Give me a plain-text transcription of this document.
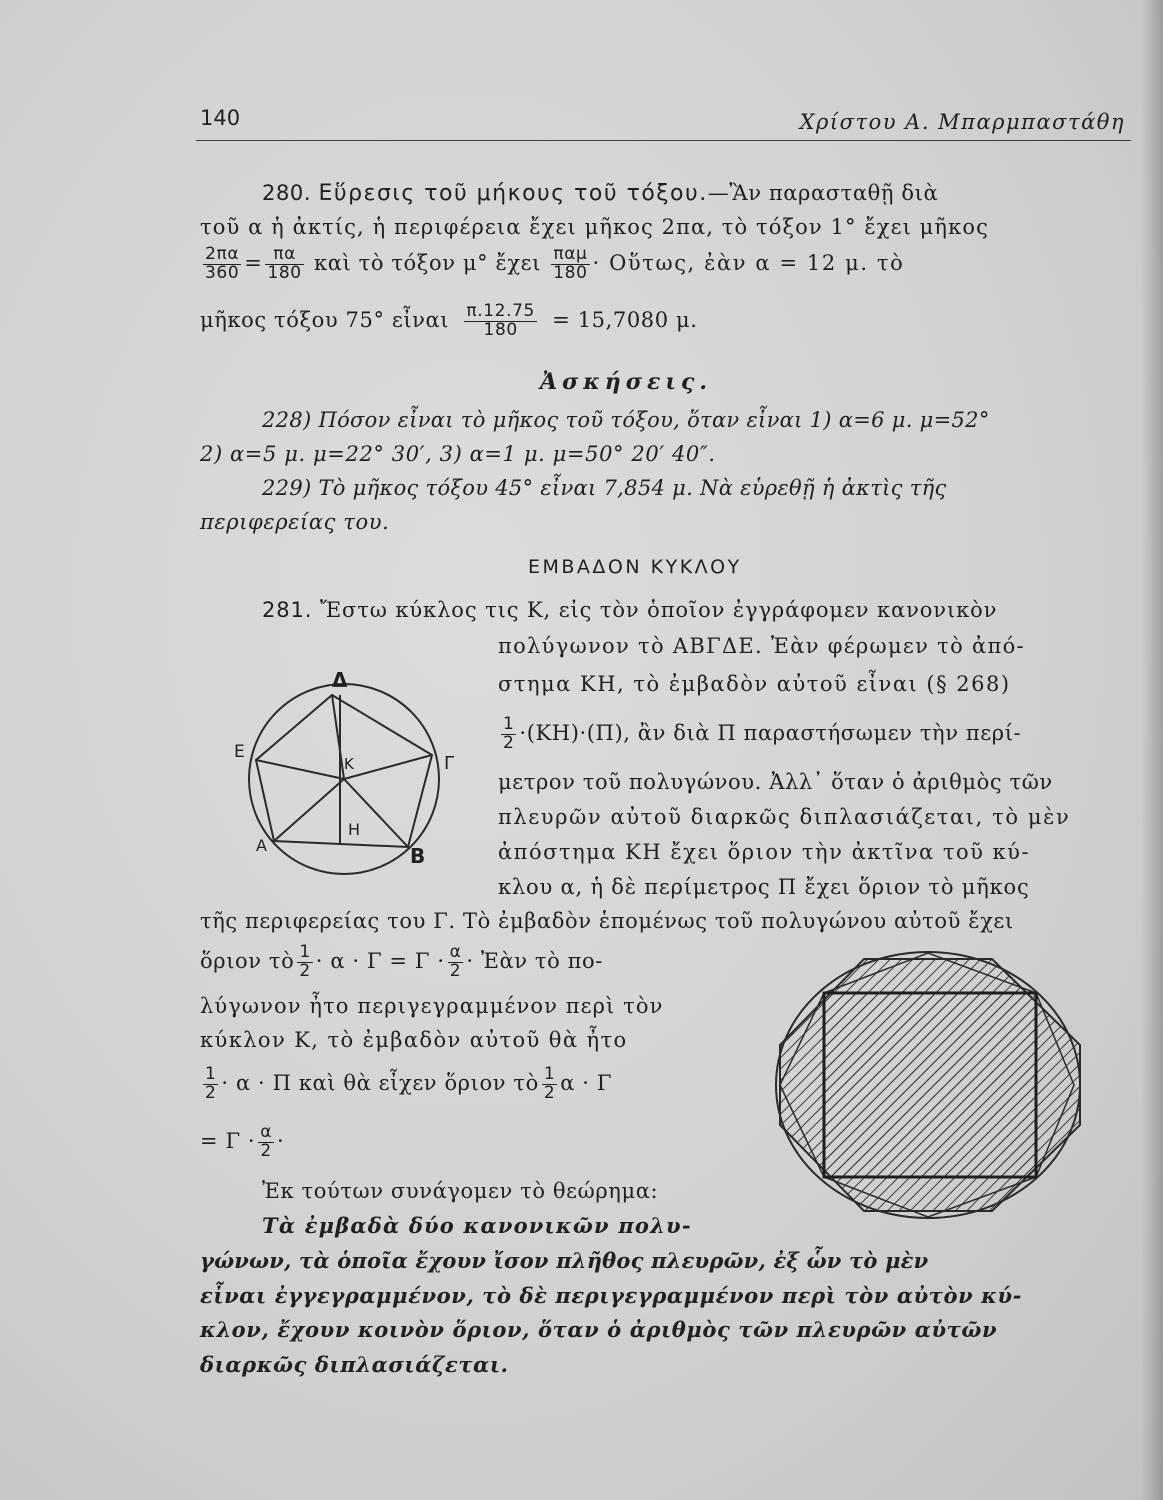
140	Χρίστου Α. Μπαρμπαστάθη
280. Εὕρεσις τοῦ μήκους τοῦ τόξου.—Ἂν παρασταθῇ διὰ
τοῦ α ἡ ἀκτίς, ἡ περιφέρεια ἔχει μῆκος 2πα, τὸ τόξον 1° ἔχει μῆκος
$\frac{2\pi\alpha}{360} = \frac{\pi\alpha}{180}$ καὶ τὸ τόξον μ° ἔχει $\frac{\text{παμ}}{180}$ · Οὕτως, ἐὰν α = 12 μ. τὸ
μῆκος τόξου 75° εἶναι $\frac{\pi.12.75}{180} = 15,7080$ μ.
Ἀσκήσεις.
228) Πόσον εἶναι τὸ μῆκος τοῦ τόξου, ὅταν εἶναι 1) α=6 μ. μ=52°
2) α=5 μ. μ=22° 30′, 3) α=1 μ. μ=50° 20′ 40″.
229) Τὸ μῆκος τόξου 45° εἶναι 7,854 μ. Νὰ εὑρεθῇ ἡ ἀκτὶς τῆς
περιφερείας του.
ΕΜΒΑΔΟΝ ΚΥΚΛΟΥ
281. Ἔστω κύκλος τις Κ, εἰς τὸν ὁποῖον ἐγγράφομεν κανονικὸν
πολύγωνον τὸ ΑΒΓΔΕ. Ἐὰν φέρωμεν τὸ ἀπό-
στημα ΚΗ, τὸ ἐμβαδὸν αὐτοῦ εἶναι (§ 268)
$\frac{1}{2} \cdot(KH)\cdot(\Pi)$, ἂν διὰ Π παραστήσωμεν τὴν περί-
μετρον τοῦ πολυγώνου. Ἀλλ᾽ ὅταν ὁ ἀριθμὸς τῶν
πλευρῶν αὐτοῦ διαρκῶς διπλασιάζεται, τὸ μὲν
ἀπόστημα ΚΗ ἔχει ὅριον τὴν ἀκτῖνα τοῦ κύ-
κλου α, ἡ δὲ περίμετρος Π ἔχει ὅριον τὸ μῆκος
τῆς περιφερείας του Γ. Τὸ ἐμβαδὸν ἑπομένως τοῦ πολυγώνου αὐτοῦ ἔχει
ὅριον τὸ $\frac{1}{2} \cdot \alpha \cdot \Gamma = \Gamma \cdot \frac{\alpha}{2}$ · Ἐὰν τὸ πο-
λύγωνον ἦτο περιγεγραμμένον περὶ τὸν
κύκλον Κ, τὸ ἐμβαδὸν αὐτοῦ θὰ ἦτο
$\frac{1}{2} \cdot \alpha \cdot \Pi$ καὶ θὰ εἶχεν ὅριον τὸ $\frac{1}{2}$ α · Γ
= $\Gamma \cdot \frac{\alpha}{2}$ ·
Ἐκ τούτων συνάγομεν τὸ θεώρημα:
Τὰ ἐμβαδὰ δύο κανονικῶν πολυ-
γώνων, τὰ ὁποῖα ἔχουν ἴσον πλῆθος πλευρῶν, ἐξ ὧν τὸ μὲν
εἶναι ἐγγεγραμμένον, τὸ δὲ περιγεγραμμένον περὶ τὸν αὐτὸν κύ-
κλον, ἔχουν κοινὸν ὅριον, ὅταν ὁ ἀριθμὸς τῶν πλευρῶν αὐτῶν
διαρκῶς διπλασιάζεται.
Δ
Ε
Γ
Κ
Η
Α	Β
